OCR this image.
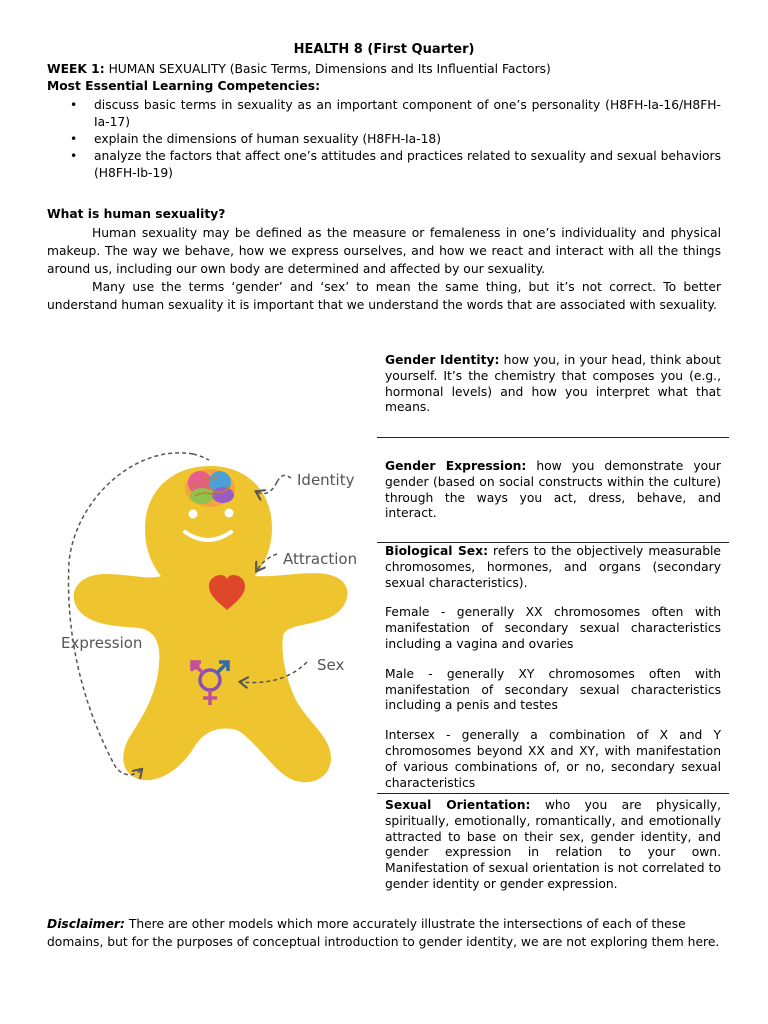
HEALTH 8 (First Quarter)
WEEK 1: HUMAN SEXUALITY (Basic Terms, Dimensions and Its Influential Factors)
Most Essential Learning Competencies:
• discuss basic terms in sexuality as an important component of one’s personality (H8FH-Ia-16/H8FH-Ia-17)
• explain the dimensions of human sexuality (H8FH-Ia-18)
• analyze the factors that affect one’s attitudes and practices related to sexuality and sexual behaviors (H8FH-Ib-19)
What is human sexuality?
Human sexuality may be defined as the measure or femaleness in one’s individuality and physical makeup. The way we behave, how we express ourselves, and how we react and interact with all the things around us, including our own body are determined and affected by our sexuality.
Many use the terms ‘gender’ and ‘sex’ to mean the same thing, but it’s not correct. To better understand human sexuality it is important that we understand the words that are associated with sexuality.
Identity
Attraction
Expression
Sex

Gender Identity: how you, in your head, think about yourself. It’s the chemistry that composes you (e.g., hormonal levels) and how you interpret what that means.

Gender Expression: how you demonstrate your gender (based on social constructs within the culture) through the ways you act, dress, behave, and interact.

Biological Sex: refers to the objectively measurable chromosomes, hormones, and organs (secondary sexual characteristics).

Female - generally XX chromosomes often with manifestation of secondary sexual characteristics including a vagina and ovaries

Male - generally XY chromosomes often with manifestation of secondary sexual characteristics including a penis and testes

Intersex - generally a combination of X and Y chromosomes beyond XX and XY, with manifestation of various combinations of, or no, secondary sexual characteristics

Sexual Orientation: who you are physically, spiritually, emotionally, romantically, and emotionally attracted to base on their sex, gender identity, and gender expression in relation to your own. Manifestation of sexual orientation is not correlated to gender identity or gender expression.

Disclaimer: There are other models which more accurately illustrate the intersections of each of these domains, but for the purposes of conceptual introduction to gender identity, we are not exploring them here.
